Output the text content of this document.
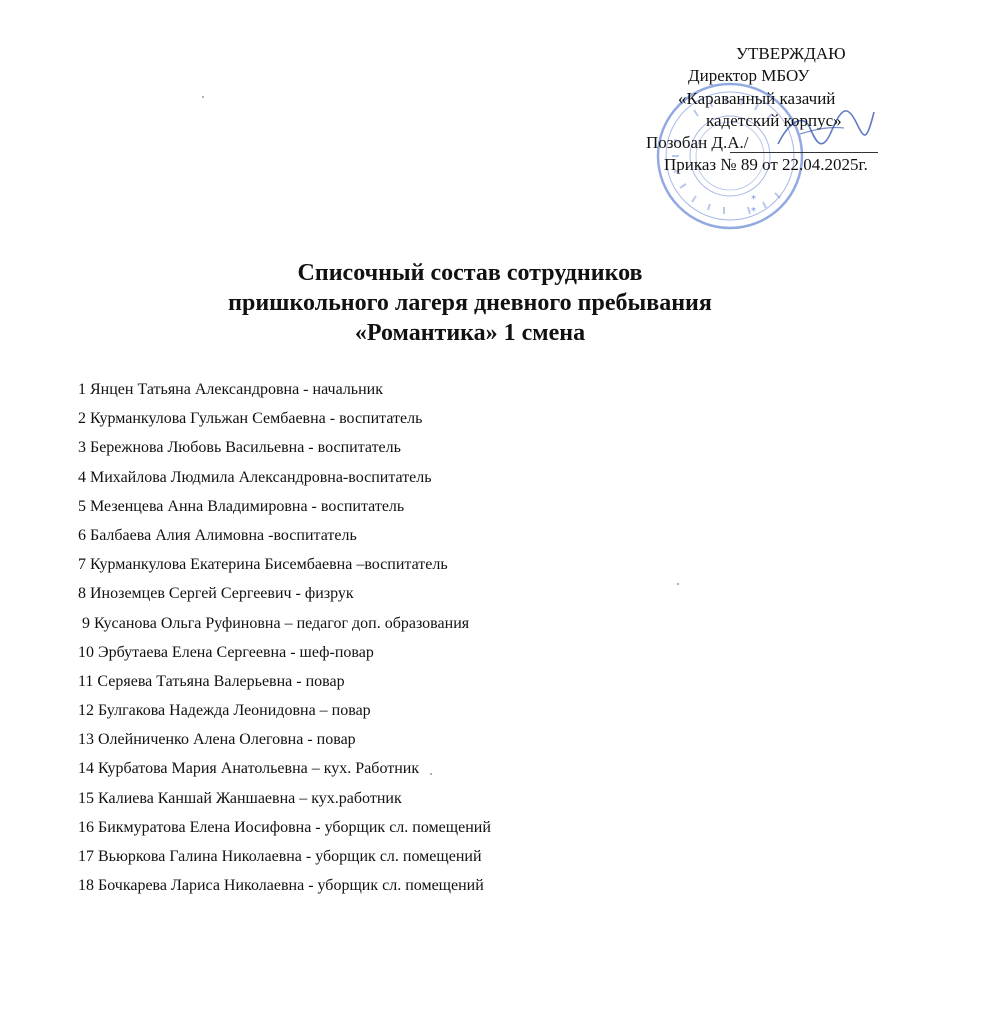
*
*
УТВЕРЖДАЮ
Директор МБОУ
«Караванный казачий
кадетский корпус»
Позобан Д.А./
Приказ № 89 от 22.04.2025г.
Списочный состав сотрудников
пришкольного лагеря дневного пребывания
«Романтика» 1 смена
1 Янцен Татьяна Александровна - начальник
2 Курманкулова Гульжан Сембаевна - воспитатель
3 Бережнова Любовь Васильевна - воспитатель
4 Михайлова Людмила Александровна-воспитатель
5 Мезенцева Анна Владимировна - воспитатель
6 Балбаева Алия Алимовна -воспитатель
7 Курманкулова Екатерина Бисембаевна –воспитатель
8 Иноземцев Сергей Сергеевич - физрук
9 Кусанова Ольга Руфиновна – педагог доп. образования
10 Эрбутаева Елена Сергеевна - шеф-повар
11 Серяева Татьяна Валерьевна - повар
12 Булгакова Надежда Леонидовна – повар
13 Олейниченко Алена Олеговна - повар
14 Курбатова Мария Анатольевна – кух. Работник
15 Калиева Каншай Жаншаевна – кух.работник
16 Бикмуратова Елена Иосифовна - уборщик сл. помещений
17 Вьюркова Галина Николаевна - уборщик сл. помещений
18 Бочкарева Лариса Николаевна - уборщик сл. помещений
